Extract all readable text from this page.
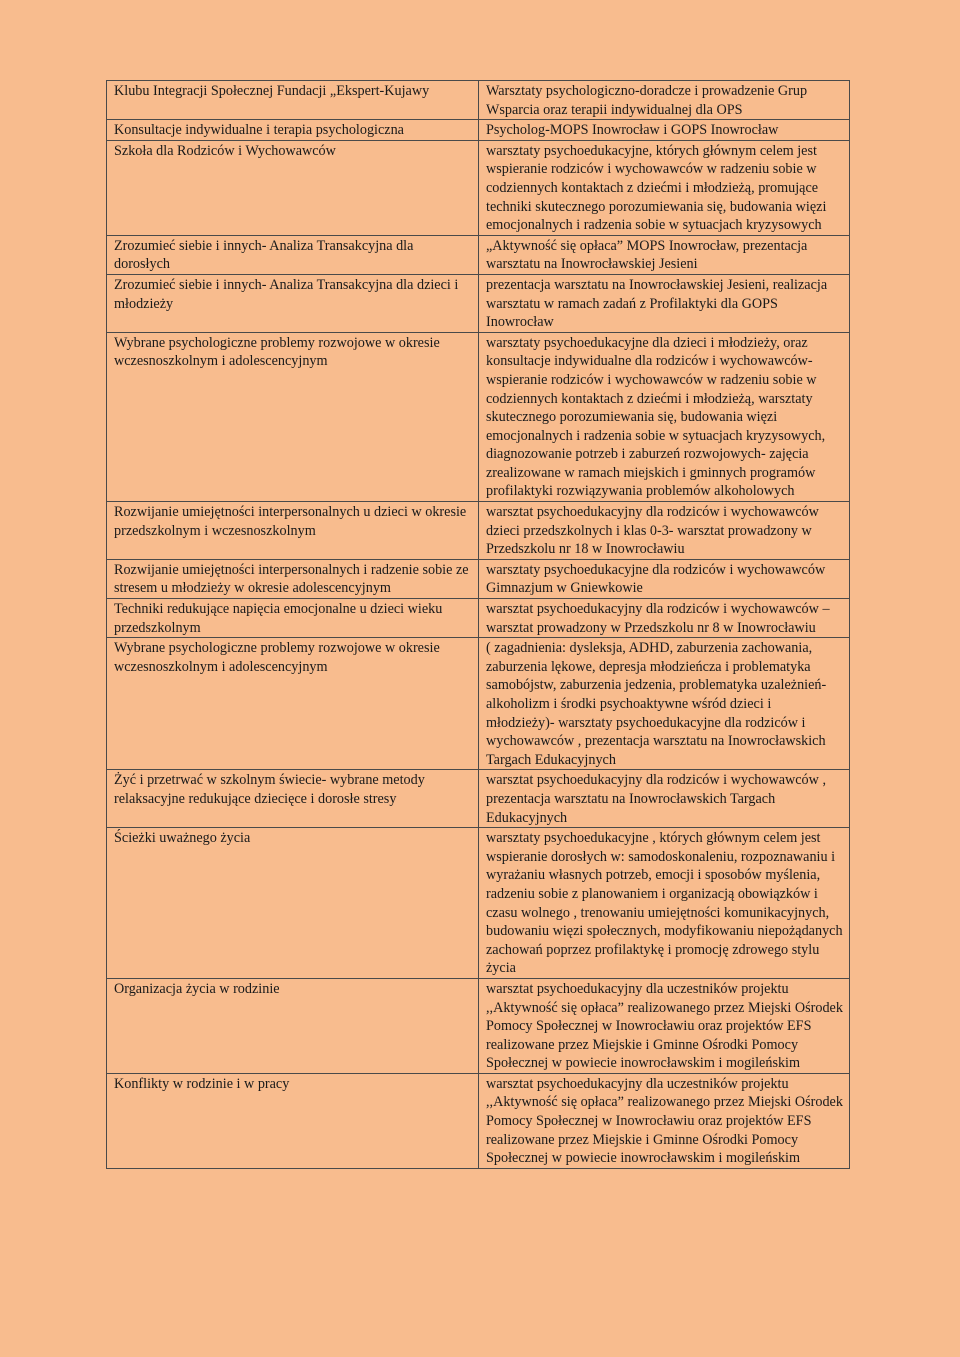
Klubu Integracji Społecznej Fundacji „Ekspert-Kujawy	Warsztaty psychologiczno-doradcze i prowadzenie Grup Wsparcia oraz terapii indywidualnej dla OPS
Konsultacje indywidualne i terapia psychologiczna	Psycholog-MOPS Inowrocław i GOPS Inowrocław
Szkoła dla Rodziców i Wychowawców	warsztaty psychoedukacyjne, których głównym celem jest wspieranie rodziców i wychowawców w radzeniu sobie w codziennych kontaktach z dziećmi i młodzieżą, promujące techniki skutecznego porozumiewania się, budowania więzi emocjonalnych i radzenia sobie w sytuacjach kryzysowych
Zrozumieć siebie i innych- Analiza Transakcyjna dla dorosłych	„Aktywność się opłaca” MOPS Inowrocław, prezentacja warsztatu na Inowrocławskiej Jesieni
Zrozumieć siebie i innych- Analiza Transakcyjna dla dzieci i młodzieży	prezentacja warsztatu na Inowrocławskiej Jesieni, realizacja warsztatu w ramach zadań z Profilaktyki dla GOPS Inowrocław
Wybrane psychologiczne problemy rozwojowe w okresie wczesnoszkolnym i adolescencyjnym	warsztaty psychoedukacyjne dla dzieci i młodzieży, oraz konsultacje indywidualne dla rodziców i wychowawców-wspieranie rodziców i wychowawców w radzeniu sobie w codziennych kontaktach z dziećmi i młodzieżą, warsztaty skutecznego porozumiewania się, budowania więzi emocjonalnych i radzenia sobie w sytuacjach kryzysowych, diagnozowanie potrzeb i zaburzeń rozwojowych- zajęcia zrealizowane w ramach miejskich i gminnych programów profilaktyki rozwiązywania problemów alkoholowych
Rozwijanie umiejętności interpersonalnych u dzieci w okresie przedszkolnym i wczesnoszkolnym	warsztat psychoedukacyjny dla rodziców i wychowawców dzieci przedszkolnych i klas 0-3- warsztat prowadzony w Przedszkolu nr 18 w Inowrocławiu
Rozwijanie umiejętności interpersonalnych i radzenie sobie ze stresem u młodzieży w okresie adolescencyjnym	warsztaty psychoedukacyjne dla rodziców i wychowawców Gimnazjum w Gniewkowie
Techniki redukujące napięcia emocjonalne u dzieci wieku przedszkolnym	warsztat psychoedukacyjny dla rodziców i wychowawców –warsztat prowadzony w Przedszkolu nr 8 w Inowrocławiu
Wybrane psychologiczne problemy rozwojowe w okresie wczesnoszkolnym i adolescencyjnym	( zagadnienia: dysleksja, ADHD, zaburzenia zachowania, zaburzenia lękowe, depresja młodzieńcza i problematyka samobójstw, zaburzenia jedzenia, problematyka uzależnień-alkoholizm i środki psychoaktywne wśród dzieci i młodzieży)- warsztaty psychoedukacyjne dla rodziców i wychowawców , prezentacja warsztatu na Inowrocławskich Targach Edukacyjnych
Żyć i przetrwać w szkolnym świecie- wybrane metody relaksacyjne redukujące dziecięce i dorosłe stresy	warsztat psychoedukacyjny dla rodziców i wychowawców , prezentacja warsztatu na Inowrocławskich Targach Edukacyjnych
Ścieżki uważnego życia	warsztaty psychoedukacyjne , których głównym celem jest wspieranie dorosłych w: samodoskonaleniu, rozpoznawaniu i wyrażaniu własnych potrzeb, emocji i sposobów myślenia, radzeniu sobie z planowaniem i organizacją obowiązków i czasu wolnego , trenowaniu umiejętności komunikacyjnych, budowaniu więzi społecznych, modyfikowaniu niepożądanych zachowań poprzez profilaktykę i promocję zdrowego stylu życia
Organizacja życia w rodzinie	warsztat psychoedukacyjny dla uczestników projektu ,,Aktywność się opłaca” realizowanego przez Miejski Ośrodek Pomocy Społecznej w Inowrocławiu oraz projektów EFS realizowane przez Miejskie i Gminne Ośrodki Pomocy Społecznej w powiecie inowrocławskim i mogileńskim
Konflikty w rodzinie i w pracy	warsztat psychoedukacyjny dla uczestników projektu ,,Aktywność się opłaca” realizowanego przez Miejski Ośrodek Pomocy Społecznej w Inowrocławiu oraz projektów EFS realizowane przez Miejskie i Gminne Ośrodki Pomocy Społecznej w powiecie inowrocławskim i mogileńskim
